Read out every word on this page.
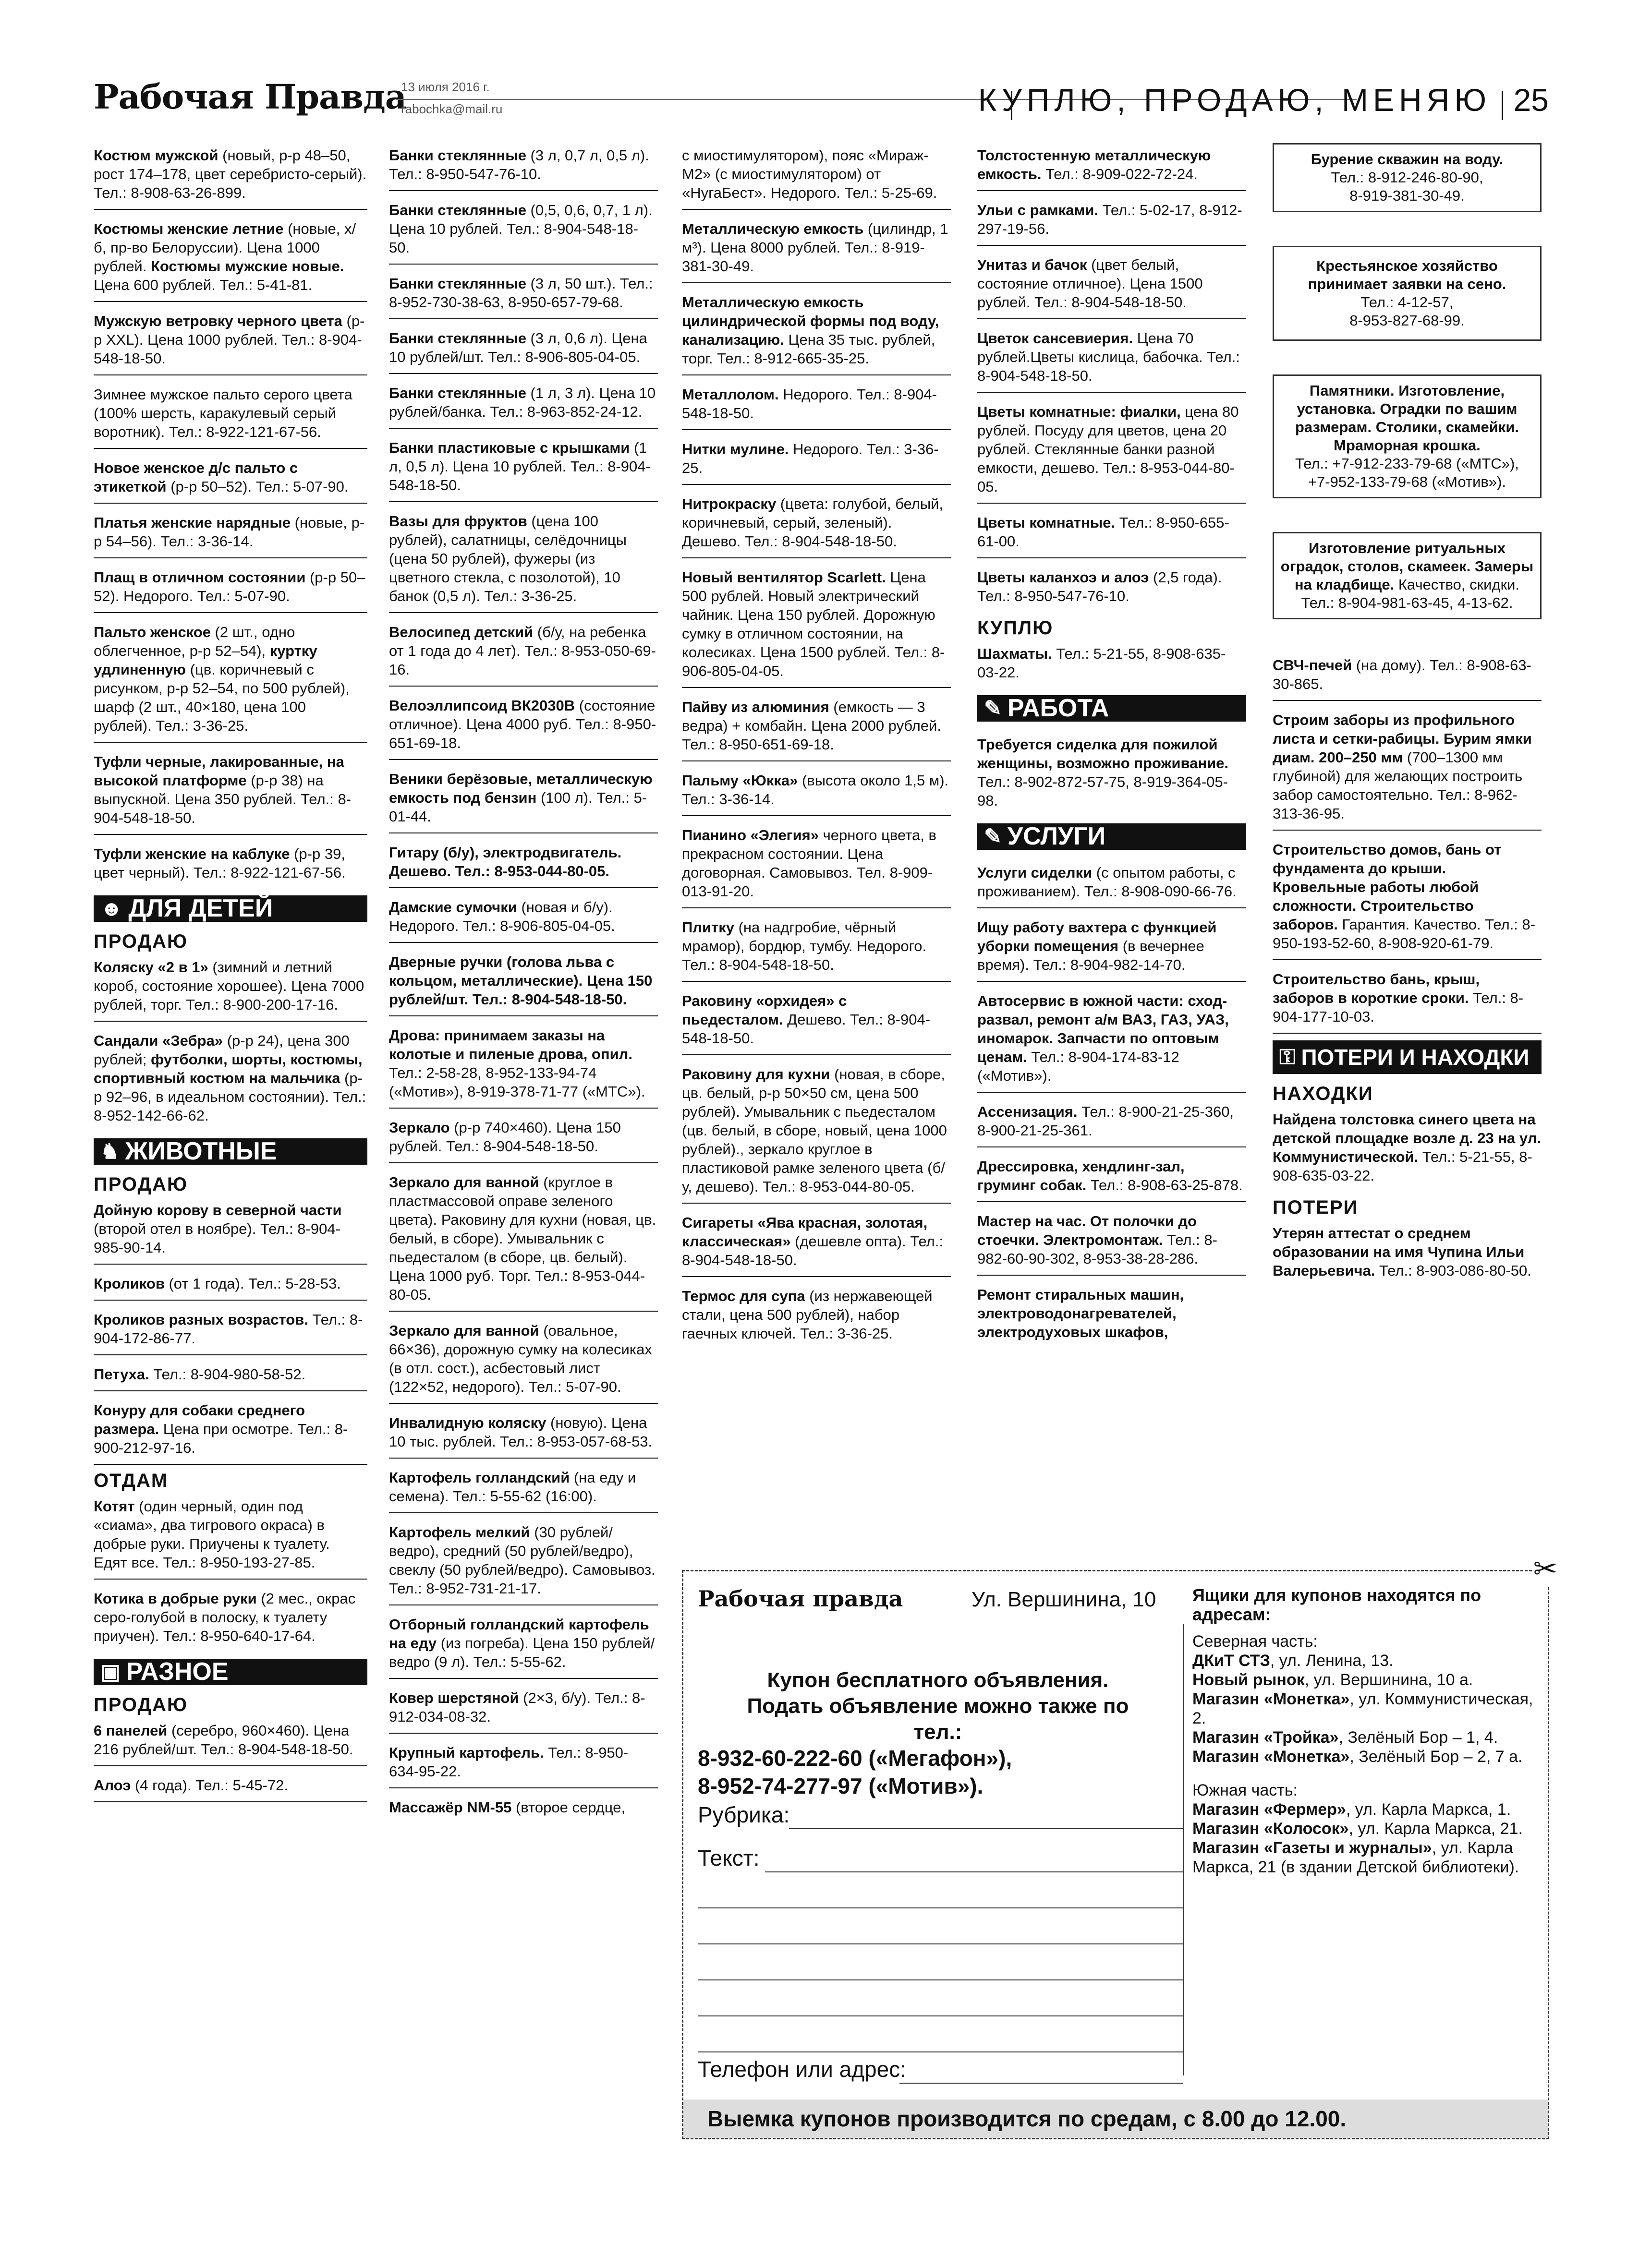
Рабочая Правда
13 июля 2016 г.
rabochka@mail.ru	КУПЛЮ, ПРОДАЮ, МЕНЯЮ 25
Костюм мужской (новый, р-р 48–50, рост 174–178, цвет серебристо-серый). Тел.: 8-908-63-26-899.
Костюмы женские летние (новые, х/б, пр-во Белоруссии). Цена 1000 рублей. Костюмы мужские новые. Цена 600 рублей. Тел.: 5-41-81.
Мужскую ветровку черного цвета (р-р XXL). Цена 1000 рублей. Тел.: 8-904-548-18-50.
Зимнее мужское пальто серого цвета (100% шерсть, каракулевый серый воротник). Тел.: 8-922-121-67-56.
Новое женское д/с пальто с этикеткой (р-р 50–52). Тел.: 5-07-90.
Платья женские нарядные (новые, р-р 54–56). Тел.: 3-36-14.
Плащ в отличном состоянии (р-р 50–52). Недорого. Тел.: 5-07-90.
Пальто женское (2 шт., одно облегченное, р-р 52–54), куртку удлиненную (цв. коричневый с рисунком, р-р 52–54, по 500 рублей), шарф (2 шт., 40×180, цена 100 рублей). Тел.: 3-36-25.
Туфли черные, лакированные, на высокой платформе (р-р 38) на выпускной. Цена 350 рублей. Тел.: 8-904-548-18-50.
Туфли женские на каблуке (р-р 39, цвет черный). Тел.: 8-922-121-67-56.
☻ ДЛЯ ДЕТЕЙ
ПРОДАЮ
Коляску «2 в 1» (зимний и летний короб, состояние хорошее). Цена 7000 рублей, торг. Тел.: 8-900-200-17-16.
Сандали «Зебра» (р-р 24), цена 300 рублей; футболки, шорты, костюмы, спортивный костюм на мальчика (р-р 92–96, в идеальном состоянии). Тел.: 8-952-142-66-62.
♞ ЖИВОТНЫЕ
ПРОДАЮ
Дойную корову в северной части (второй отел в ноябре). Тел.: 8-904-985-90-14.
Кроликов (от 1 года). Тел.: 5-28-53.
Кроликов разных возрастов. Тел.: 8-904-172-86-77.
Петуха. Тел.: 8-904-980-58-52.
Конуру для собаки среднего размера. Цена при осмотре. Тел.: 8-900-212-97-16.
ОТДАМ
Котят (один черный, один под «сиама», два тигрового окраса) в добрые руки. Приучены к туалету. Едят все. Тел.: 8-950-193-27-85.
Котика в добрые руки (2 мес., окрас серо-голубой в полоску, к туалету приучен). Тел.: 8-950-640-17-64.
▣ РАЗНОЕ
ПРОДАЮ
6 панелей (серебро, 960×460). Цена 216 рублей/шт. Тел.: 8-904-548-18-50.
Алоэ (4 года). Тел.: 5-45-72.
Банки стеклянные (3 л, 0,7 л, 0,5 л). Тел.: 8-950-547-76-10.
Банки стеклянные (0,5, 0,6, 0,7, 1 л). Цена 10 рублей. Тел.: 8-904-548-18-50.
Банки стеклянные (3 л, 50 шт.). Тел.: 8-952-730-38-63, 8-950-657-79-68.
Банки стеклянные (3 л, 0,6 л). Цена 10 рублей/шт. Тел.: 8-906-805-04-05.
Банки стеклянные (1 л, 3 л). Цена 10 рублей/банка. Тел.: 8-963-852-24-12.
Банки пластиковые с крышками (1 л, 0,5 л). Цена 10 рублей. Тел.: 8-904-548-18-50.
Вазы для фруктов (цена 100 рублей), салатницы, селёдочницы (цена 50 рублей), фужеры (из цветного стекла, с позолотой), 10 банок (0,5 л). Тел.: 3-36-25.
Велосипед детский (б/у, на ребенка от 1 года до 4 лет). Тел.: 8-953-050-69-16.
Велоэллипсоид ВК2030В (состояние отличное). Цена 4000 руб. Тел.: 8-950-651-69-18.
Веники берёзовые, металлическую емкость под бензин (100 л). Тел.: 5-01-44.
Гитару (б/у), электродвигатель. Дешево. Тел.: 8-953-044-80-05.
Дамские сумочки (новая и б/у). Недорого. Тел.: 8-906-805-04-05.
Дверные ручки (голова льва с кольцом, металлические). Цена 150 рублей/шт. Тел.: 8-904-548-18-50.
Дрова: принимаем заказы на колотые и пиленые дрова, опил. Тел.: 2-58-28, 8-952-133-94-74 («Мотив»), 8-919-378-71-77 («МТС»).
Зеркало (р-р 740×460). Цена 150 рублей. Тел.: 8-904-548-18-50.
Зеркало для ванной (круглое в пластмассовой оправе зеленого цвета). Раковину для кухни (новая, цв. белый, в сборе). Умывальник с пьедесталом (в сборе, цв. белый). Цена 1000 руб. Торг. Тел.: 8-953-044-80-05.
Зеркало для ванной (овальное, 66×36), дорожную сумку на колесиках (в отл. сост.), асбестовый лист (122×52, недорого). Тел.: 5-07-90.
Инвалидную коляску (новую). Цена 10 тыс. рублей. Тел.: 8-953-057-68-53.
Картофель голландский (на еду и семена). Тел.: 5-55-62 (16:00).
Картофель мелкий (30 рублей/ведро), средний (50 рублей/ведро), свеклу (50 рублей/ведро). Самовывоз. Тел.: 8-952-731-21-17.
Отборный голландский картофель на еду (из погреба). Цена 150 рублей/ведро (9 л). Тел.: 5-55-62.
Ковер шерстяной (2×3, б/у). Тел.: 8-912-034-08-32.
Крупный картофель. Тел.: 8-950-634-95-22.
Массажёр NM-55 (второе сердце,
с миостимулятором), пояс «Мираж-М2» (с миостимулятором) от «НугаБест». Недорого. Тел.: 5-25-69.
Металлическую емкость (цилиндр, 1 м³). Цена 8000 рублей. Тел.: 8-919-381-30-49.
Металлическую емкость цилиндрической формы под воду, канализацию. Цена 35 тыс. рублей, торг. Тел.: 8-912-665-35-25.
Металлолом. Недорого. Тел.: 8-904-548-18-50.
Нитки мулине. Недорого. Тел.: 3-36-25.
Нитрокраску (цвета: голубой, белый, коричневый, серый, зеленый). Дешево. Тел.: 8-904-548-18-50.
Новый вентилятор Scarlett. Цена 500 рублей. Новый электрический чайник. Цена 150 рублей. Дорожную сумку в отличном состоянии, на колесиках. Цена 1500 рублей. Тел.: 8-906-805-04-05.
Пайву из алюминия (емкость — 3 ведра) + комбайн. Цена 2000 рублей. Тел.: 8-950-651-69-18.
Пальму «Юкка» (высота около 1,5 м). Тел.: 3-36-14.
Пианино «Элегия» черного цвета, в прекрасном состоянии. Цена договорная. Самовывоз. Тел. 8-909-013-91-20.
Плитку (на надгробие, чёрный мрамор), бордюр, тумбу. Недорого. Тел.: 8-904-548-18-50.
Раковину «орхидея» с пьедесталом. Дешево. Тел.: 8-904-548-18-50.
Раковину для кухни (новая, в сборе, цв. белый, р-р 50×50 см, цена 500 рублей). Умывальник с пьедесталом (цв. белый, в сборе, новый, цена 1000 рублей)., зеркало круглое в пластиковой рамке зеленого цвета (б/у, дешево). Тел.: 8-953-044-80-05.
Сигареты «Ява красная, золотая, классическая» (дешевле опта). Тел.: 8-904-548-18-50.
Термос для супа (из нержавеющей стали, цена 500 рублей), набор гаечных ключей. Тел.: 3-36-25.
Толстостенную металлическую емкость. Тел.: 8-909-022-72-24.
Ульи с рамками. Тел.: 5-02-17, 8-912-297-19-56.
Унитаз и бачок (цвет белый, состояние отличное). Цена 1500 рублей. Тел.: 8-904-548-18-50.
Цветок сансевиерия. Цена 70 рублей.Цветы кислица, бабочка. Тел.: 8-904-548-18-50.
Цветы комнатные: фиалки, цена 80 рублей. Посуду для цветов, цена 20 рублей. Стеклянные банки разной емкости, дешево. Тел.: 8-953-044-80-05.
Цветы комнатные. Тел.: 8-950-655-61-00.
Цветы каланхоэ и алоэ (2,5 года). Тел.: 8-950-547-76-10.
КУПЛЮ
Шахматы. Тел.: 5-21-55, 8-908-635-03-22.
✎ РАБОТА
Требуется сиделка для пожилой женщины, возможно проживание. Тел.: 8-902-872-57-75, 8-919-364-05-98.
✎ УСЛУГИ
Услуги сиделки (с опытом работы, с проживанием). Тел.: 8-908-090-66-76.
Ищу работу вахтера с функцией уборки помещения (в вечернее время). Тел.: 8-904-982-14-70.
Автосервис в южной части: сход-развал, ремонт а/м ВАЗ, ГАЗ, УАЗ, иномарок. Запчасти по оптовым ценам. Тел.: 8-904-174-83-12 («Мотив»).
Ассенизация. Тел.: 8-900-21-25-360, 8-900-21-25-361.
Дрессировка, хендлинг-зал, груминг собак. Тел.: 8-908-63-25-878.
Мастер на час. От полочки до стоечки. Электромонтаж. Тел.: 8-982-60-90-302, 8-953-38-28-286.
Ремонт стиральных машин, электроводонагревателей, электродуховых шкафов,
Бурение скважин на воду.
Тел.: 8-912-246-80-90,
8-919-381-30-49.
Крестьянское хозяйство принимает заявки на сено.
Тел.: 4-12-57,
8-953-827-68-99.
Памятники. Изготовление, установка. Оградки по вашим размерам. Столики, скамейки. Мраморная крошка.
Тел.: +7-912-233-79-68 («МТС»),
+7-952-133-79-68 («Мотив»).
Изготовление ритуальных оградок, столов, скамеек. Замеры на кладбище. Качество, скидки.
Тел.: 8-904-981-63-45, 4-13-62.
СВЧ-печей (на дому). Тел.: 8-908-63-30-865.
Строим заборы из профильного листа и сетки-рабицы. Бурим ямки диам. 200–250 мм (700–1300 мм глубиной) для желающих построить забор самостоятельно. Тел.: 8-962-313-36-95.
Строительство домов, бань от фундамента до крыши. Кровельные работы любой сложности. Строительство заборов. Гарантия. Качество. Тел.: 8-950-193-52-60, 8-908-920-61-79.
Строительство бань, крыш, заборов в короткие сроки. Тел.: 8-904-177-10-03.
⚿ ПОТЕРИ И НАХОДКИ
НАХОДКИ
Найдена толстовка синего цвета на детской площадке возле д. 23 на ул. Коммунистической. Тел.: 5-21-55, 8-908-635-03-22.
ПОТЕРИ
Утерян аттестат о среднем образовании на имя Чупина Ильи Валерьевича. Тел.: 8-903-086-80-50.
✂
Рабочая правда	Ул. Вершинина, 10
Купон бесплатного объявления.
Подать объявление можно также по тел.:
8-932-60-222-60 («Мегафон»),
8-952-74-277-97 («Мотив»).
Рубрика:
Текст:
Телефон или адрес:
Ящики для купонов находятся по адресам:
Северная часть:
ДКиТ СТЗ, ул. Ленина, 13.
Новый рынок, ул. Вершинина, 10 а.
Магазин «Монетка», ул. Коммунистическая, 2.
Магазин «Тройка», Зелёный Бор – 1, 4.
Магазин «Монетка», Зелёный Бор – 2, 7 а.
Южная часть:
Магазин «Фермер», ул. Карла Маркса, 1.
Магазин «Колосок», ул. Карла Маркса, 21.
Магазин «Газеты и журналы», ул. Карла Маркса, 21 (в здании Детской библиотеки).
Выемка купонов производится по средам, с 8.00 до 12.00.
